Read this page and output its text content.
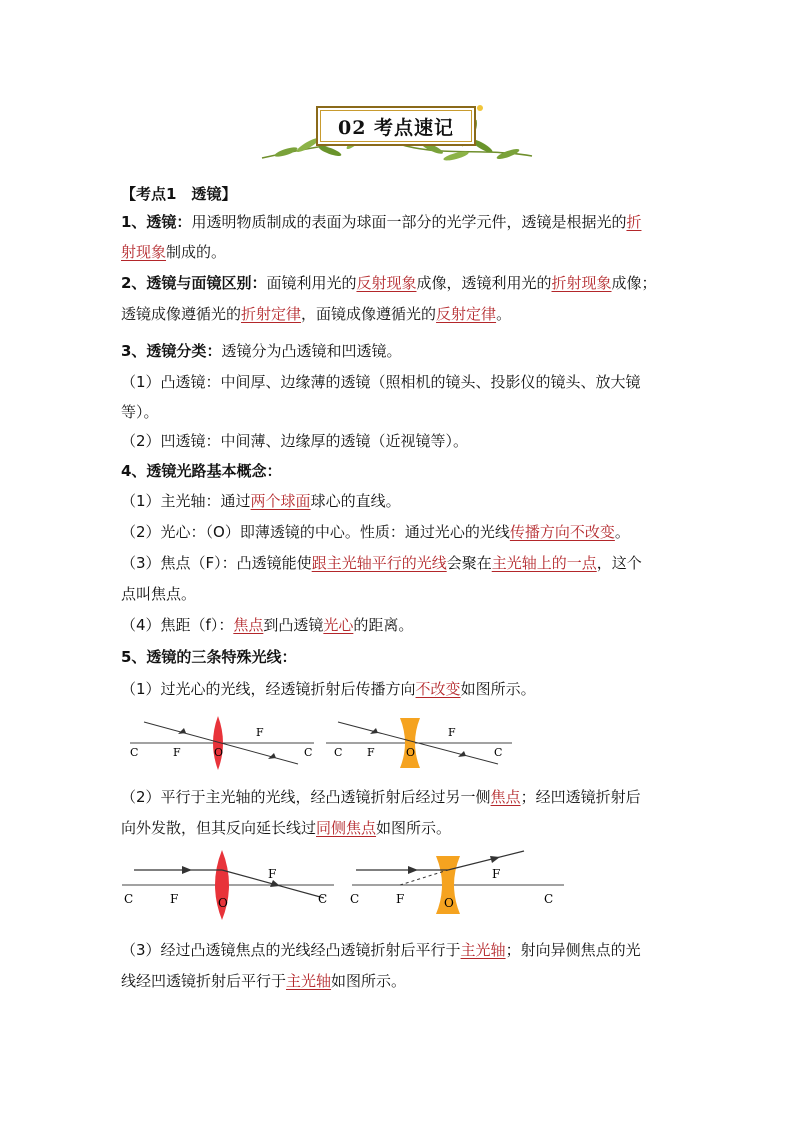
02 考点速记
【考点1　透镜】
1、透镜：用透明物质制成的表面为球面一部分的光学元件，透镜是根据光的折
射现象制成的。
2、透镜与面镜区别：面镜利用光的反射现象成像，透镜利用光的折射现象成像；
透镜成像遵循光的折射定律，面镜成像遵循光的反射定律。
3、透镜分类：透镜分为凸透镜和凹透镜。
（1）凸透镜：中间厚、边缘薄的透镜（照相机的镜头、投影仪的镜头、放大镜
等）。
（2）凹透镜：中间薄、边缘厚的透镜（近视镜等）。
4、透镜光路基本概念：
（1）主光轴：通过两个球面球心的直线。
（2）光心：（O）即薄透镜的中心。性质：通过光心的光线传播方向不改变。
（3）焦点（F）：凸透镜能使跟主光轴平行的光线会聚在主光轴上的一点，这个
点叫焦点。
（4）焦距（f）：焦点到凸透镜光心的距离。
5、透镜的三条特殊光线：
（1）过光心的光线，经透镜折射后传播方向不改变如图所示。
C	F	O
F
C C F	O
F
C
（2）平行于主光轴的光线，经凸透镜折射后经过另一侧焦点；经凹透镜折射后
向外发散，但其反向延长线过同侧焦点如图所示。
C	F	O
F
C C	F	O
F
C
（3）经过凸透镜焦点的光线经凸透镜折射后平行于主光轴；射向异侧焦点的光
线经凹透镜折射后平行于主光轴如图所示。
